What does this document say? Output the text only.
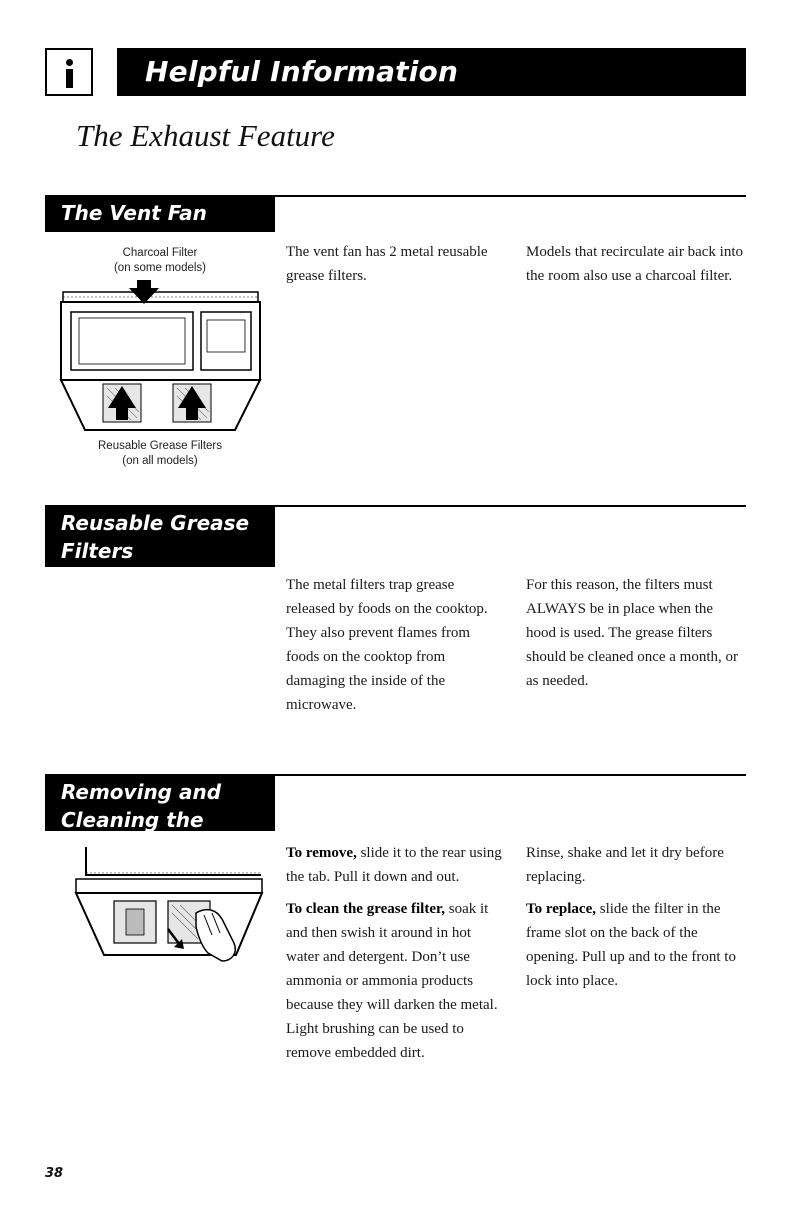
Helpful Information
The Exhaust Feature
The Vent Fan
Charcoal Filter
(on some models)
Reusable Grease Filters
(on all models)

The vent fan has 2 metal reusable grease filters.

Models that recirculate air back into the room also use a charcoal filter.

Reusable Grease
Filters

The metal filters trap grease released by foods on the cooktop. They also prevent flames from foods on the cooktop from damaging the inside of the microwave.

For this reason, the filters must ALWAYS be in place when the hood is used. The grease filters should be cleaned once a month, or as needed.

Removing and
Cleaning the Filter	To remove, slide it to the rear using the tab. Pull it down and out.

To clean the grease filter, soak it and then swish it around in hot water and detergent. Don’t use ammonia or ammonia products because they will darken the metal. Light brushing can be used to remove embedded dirt.

Rinse, shake and let it dry before replacing.

To replace, slide the filter in the frame slot on the back of the opening. Pull up and to the front to lock into place.

38
